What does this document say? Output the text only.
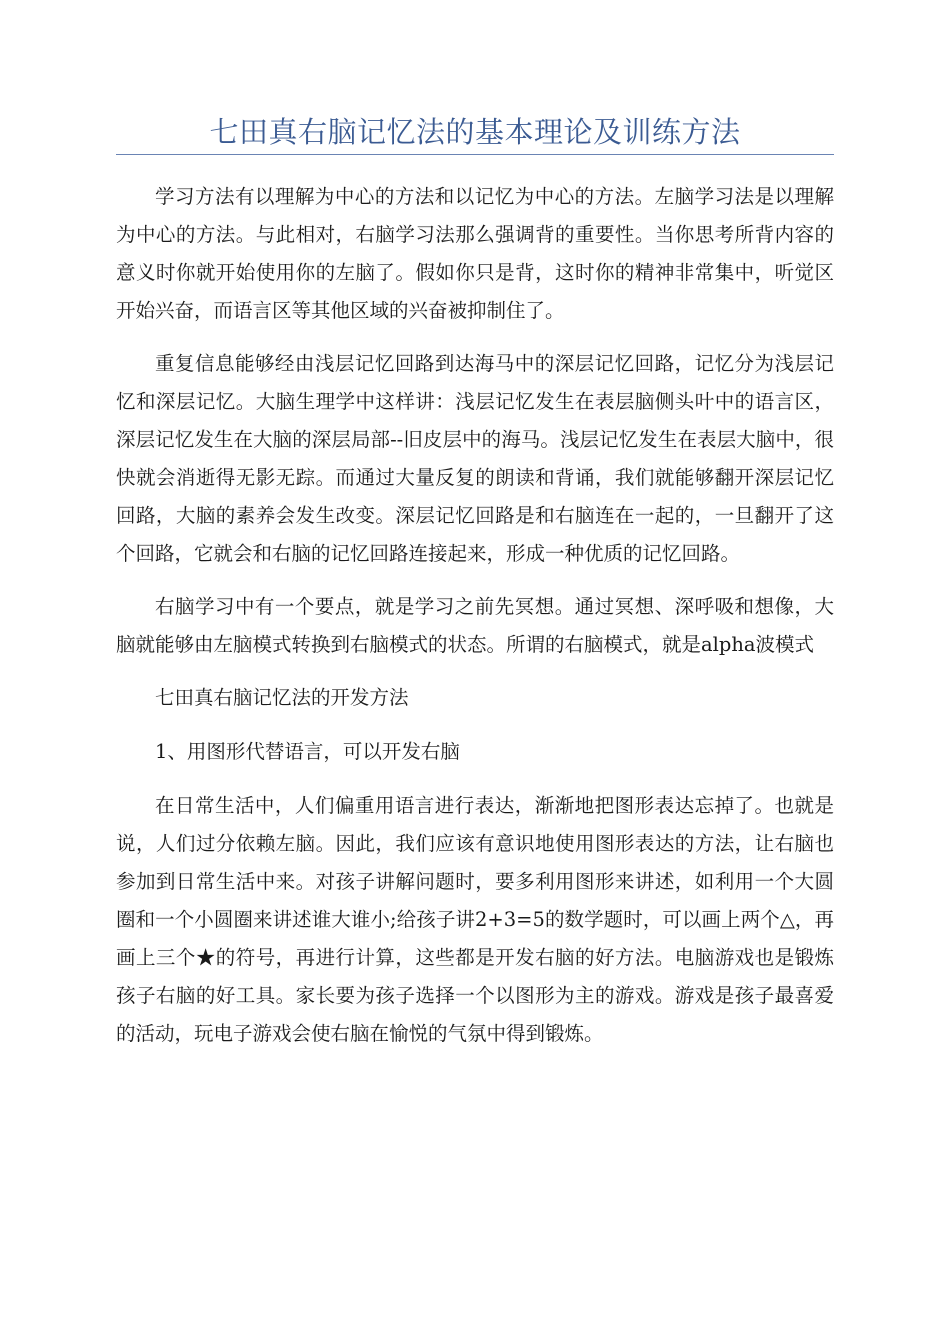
七田真右脑记忆法的基本理论及训练方法

学习方法有以理解为中心的方法和以记忆为中心的方法。左脑学习法是以理解为中心的方法。与此相对，右脑学习法那么强调背的重要性。当你思考所背内容的意义时你就开始使用你的左脑了。假如你只是背，这时你的精神非常集中，听觉区开始兴奋，而语言区等其他区域的兴奋被抑制住了。

重复信息能够经由浅层记忆回路到达海马中的深层记忆回路，记忆分为浅层记忆和深层记忆。大脑生理学中这样讲：浅层记忆发生在表层脑侧头叶中的语言区，深层记忆发生在大脑的深层局部--旧皮层中的海马。浅层记忆发生在表层大脑中，很快就会消逝得无影无踪。而通过大量反复的朗读和背诵，我们就能够翻开深层记忆回路，大脑的素养会发生改变。深层记忆回路是和右脑连在一起的，一旦翻开了这个回路，它就会和右脑的记忆回路连接起来，形成一种优质的记忆回路。

右脑学习中有一个要点，就是学习之前先冥想。通过冥想、深呼吸和想像，大脑就能够由左脑模式转换到右脑模式的状态。所谓的右脑模式，就是alpha波模式

七田真右脑记忆法的开发方法

1、用图形代替语言，可以开发右脑

在日常生活中，人们偏重用语言进行表达，渐渐地把图形表达忘掉了。也就是说，人们过分依赖左脑。因此，我们应该有意识地使用图形表达的方法，让右脑也参加到日常生活中来。对孩子讲解问题时，要多利用图形来讲述，如利用一个大圆圈和一个小圆圈来讲述谁大谁小;给孩子讲2+3=5的数学题时，可以画上两个△，再画上三个★的符号，再进行计算，这些都是开发右脑的好方法。电脑游戏也是锻炼孩子右脑的好工具。家长要为孩子选择一个以图形为主的游戏。游戏是孩子最喜爱的活动，玩电子游戏会使右脑在愉悦的气氛中得到锻炼。
